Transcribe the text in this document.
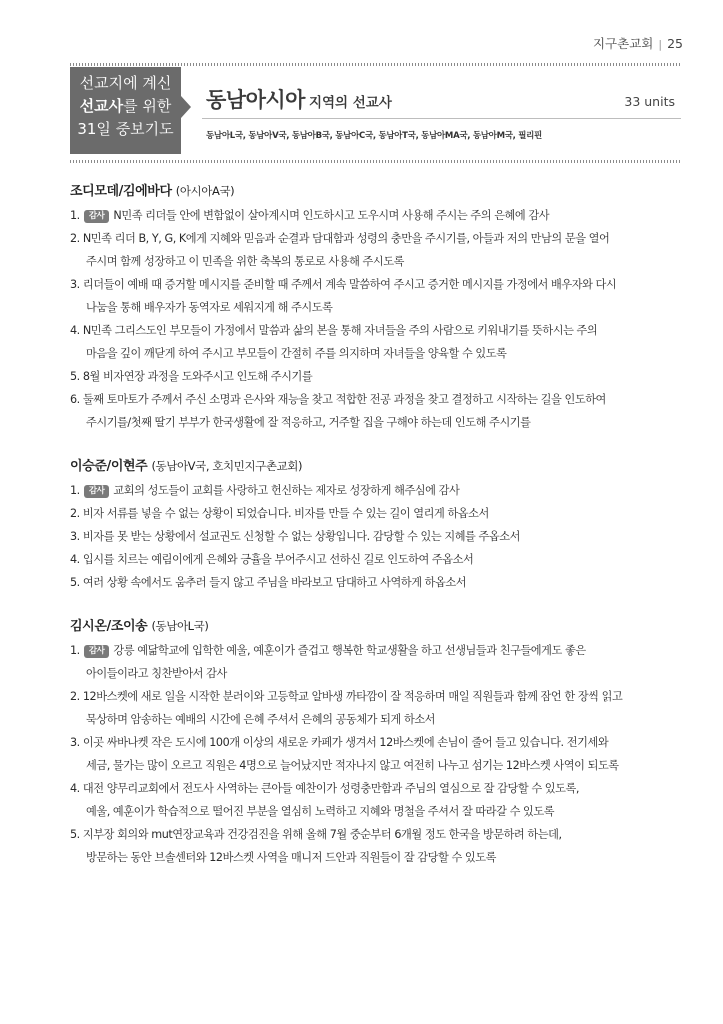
지구촌교회 | 25
선교지에 계신
선교사를 위한
31일 중보기도
동남아시아 지역의 선교사	33 units
동남아L국, 동남아V국, 동남아B국, 동남아C국, 동남아T국, 동남아MA국, 동남아M국, 필리핀
조디모데/김에바다 (아시아A국)
1. 감사 N민족 리더들 안에 변함없이 살아계시며 인도하시고 도우시며 사용해 주시는 주의 은혜에 감사
2. N민족 리더 B, Y, G, K에게 지혜와 믿음과 순결과 담대함과 성령의 충만을 주시기를, 아들과 저의 만남의 문을 열어
주시며 함께 성장하고 이 민족을 위한 축복의 통로로 사용해 주시도록
3. 리더들이 예배 때 증거할 메시지를 준비할 때 주께서 계속 말씀하여 주시고 증거한 메시지를 가정에서 배우자와 다시
나눔을 통해 배우자가 동역자로 세워지게 해 주시도록
4. N민족 그리스도인 부모들이 가정에서 말씀과 삶의 본을 통해 자녀들을 주의 사람으로 키워내기를 뜻하시는 주의
마음을 깊이 깨닫게 하여 주시고 부모들이 간절히 주를 의지하며 자녀들을 양육할 수 있도록
5. 8월 비자연장 과정을 도와주시고 인도해 주시기를
6. 둘째 토마토가 주께서 주신 소명과 은사와 재능을 찾고 적합한 전공 과정을 찾고 결정하고 시작하는 길을 인도하여
주시기를/첫째 딸기 부부가 한국생활에 잘 적응하고, 거주할 집을 구해야 하는데 인도해 주시기를
이승준/이현주 (동남아V국, 호치민지구촌교회)
1. 감사 교회의 성도들이 교회를 사랑하고 헌신하는 제자로 성장하게 해주심에 감사
2. 비자 서류를 넣을 수 없는 상황이 되었습니다. 비자를 만들 수 있는 길이 열리게 하옵소서
3. 비자를 못 받는 상황에서 설교권도 신청할 수 없는 상황입니다. 감당할 수 있는 지혜를 주옵소서
4. 입시를 치르는 예림이에게 은혜와 긍휼을 부어주시고 선하신 길로 인도하여 주옵소서
5. 여러 상황 속에서도 움추러 들지 않고 주님을 바라보고 담대하고 사역하게 하옵소서
김시온/조이송 (동남아L국)
1. 감사 강릉 예닮학교에 입학한 예울, 예훈이가 즐겁고 행복한 학교생활을 하고 선생님들과 친구들에게도 좋은
아이들이라고 칭찬받아서 감사
2. 12바스켓에 새로 일을 시작한 분러이와 고등학교 알바생 까타깜이 잘 적응하며 매일 직원들과 함께 잠언 한 장씩 읽고
묵상하며 암송하는 예배의 시간에 은혜 주셔서 은혜의 공동체가 되게 하소서
3. 이곳 싸바나켓 작은 도시에 100개 이상의 새로운 카페가 생겨서 12바스켓에 손님이 줄어 들고 있습니다. 전기세와
세금, 물가는 많이 오르고 직원은 4명으로 늘어났지만 적자나지 않고 여전히 나누고 섬기는 12바스켓 사역이 되도록
4. 대전 양무리교회에서 전도사 사역하는 큰아들 예찬이가 성령충만함과 주님의 열심으로 잘 감당할 수 있도록,
예울, 예훈이가 학습적으로 떨어진 부분을 열심히 노력하고 지혜와 명철을 주셔서 잘 따라갈 수 있도록
5. 지부장 회의와 mut연장교육과 건강검진을 위해 올해 7월 중순부터 6개월 정도 한국을 방문하려 하는데,
방문하는 동안 브솔센터와 12바스켓 사역을 매니저 드안과 직원들이 잘 감당할 수 있도록
